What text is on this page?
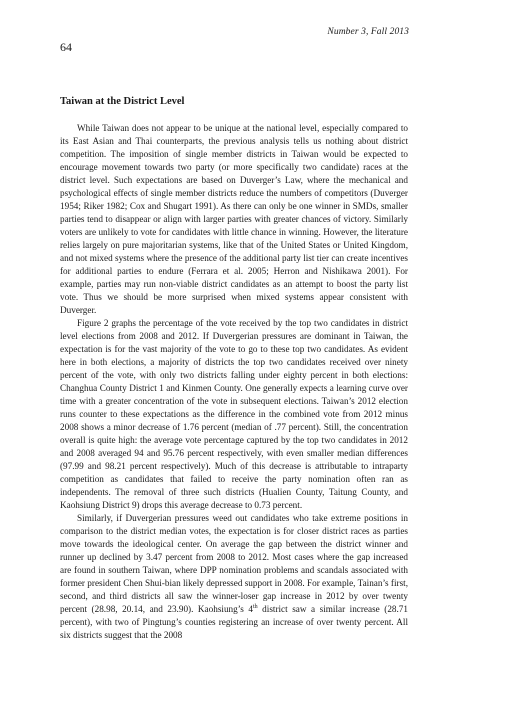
Number 3, Fall 2013
64
Taiwan at the District Level

While Taiwan does not appear to be unique at the national level, especially compared to its East Asian and Thai counterparts, the previous analysis tells us nothing about district competition. The imposition of single member districts in Taiwan would be expected to encourage movement towards two party (or more specifically two candidate) races at the district level. Such expectations are based on Duverger’s Law, where the mechanical and psychological effects of single member districts reduce the numbers of competitors (Duverger 1954; Riker 1982; Cox and Shugart 1991). As there can only be one winner in SMDs, smaller parties tend to disappear or align with larger parties with greater chances of victory. Similarly voters are unlikely to vote for candidates with little chance in winning. However, the literature relies largely on pure majoritarian systems, like that of the United States or United Kingdom, and not mixed systems where the presence of the additional party list tier can create incentives for additional parties to endure (Ferrara et al. 2005; Herron and Nishikawa 2001). For example, parties may run non-viable district candidates as an attempt to boost the party list vote. Thus we should be more surprised when mixed systems appear consistent with Duverger.

Figure 2 graphs the percentage of the vote received by the top two candidates in district level elections from 2008 and 2012. If Duvergerian pressures are dominant in Taiwan, the expectation is for the vast majority of the vote to go to these top two candidates. As evident here in both elections, a majority of districts the top two candidates received over ninety percent of the vote, with only two districts falling under eighty percent in both elections: Changhua County District 1 and Kinmen County. One generally expects a learning curve over time with a greater concentration of the vote in subsequent elections. Taiwan’s 2012 election runs counter to these expectations as the difference in the combined vote from 2012 minus 2008 shows a minor decrease of 1.76 percent (median of .77 percent). Still, the concentration overall is quite high: the average vote percentage captured by the top two candidates in 2012 and 2008 averaged 94 and 95.76 percent respectively, with even smaller median differences (97.99 and 98.21 percent respectively). Much of this decrease is attributable to intraparty competition as candidates that failed to receive the party nomination often ran as independents. The removal of three such districts (Hualien County, Taitung County, and Kaohsiung District 9) drops this average decrease to 0.73 percent.

Similarly, if Duvergerian pressures weed out candidates who take extreme positions in comparison to the district median votes, the expectation is for closer district races as parties move towards the ideological center. On average the gap between the district winner and runner up declined by 3.47 percent from 2008 to 2012. Most cases where the gap increased are found in southern Taiwan, where DPP nomination problems and scandals associated with former president Chen Shui-bian likely depressed support in 2008. For example, Tainan’s first, second, and third districts all saw the winner-loser gap increase in 2012 by over twenty percent (28.98, 20.14, and 23.90). Kaohsiung’s 4th district saw a similar increase (28.71 percent), with two of Pingtung’s counties registering an increase of over twenty percent. All six districts suggest that the 2008
